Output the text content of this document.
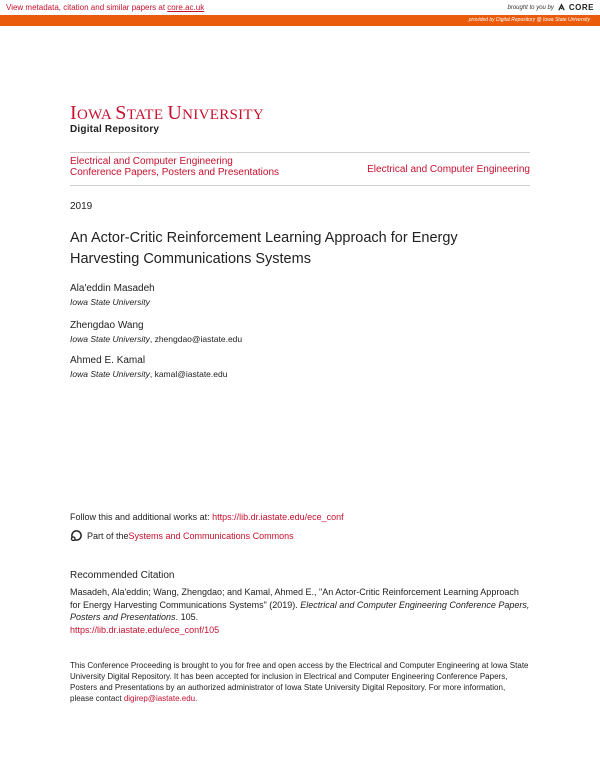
View metadata, citation and similar papers at core.ac.uk	brought to you by CORE
provided by Digital Repository @ Iowa State University
IOWA STATE UNIVERSITY
Digital Repository
Electrical and Computer Engineering
Conference Papers, Posters and Presentations	Electrical and Computer Engineering
2019
An Actor-Critic Reinforcement Learning Approach for Energy Harvesting Communications Systems
Ala'eddin Masadeh
Iowa State University
Zhengdao Wang
Iowa State University, zhengdao@iastate.edu
Ahmed E. Kamal
Iowa State University, kamal@iastate.edu
Follow this and additional works at: https://lib.dr.iastate.edu/ece_conf
Part of the Systems and Communications Commons
Recommended Citation
Masadeh, Ala'eddin; Wang, Zhengdao; and Kamal, Ahmed E., "An Actor-Critic Reinforcement Learning Approach for Energy Harvesting Communications Systems" (2019). Electrical and Computer Engineering Conference Papers, Posters and Presentations. 105.
https://lib.dr.iastate.edu/ece_conf/105
This Conference Proceeding is brought to you for free and open access by the Electrical and Computer Engineering at Iowa State University Digital Repository. It has been accepted for inclusion in Electrical and Computer Engineering Conference Papers, Posters and Presentations by an authorized administrator of Iowa State University Digital Repository. For more information, please contact digirep@iastate.edu.
